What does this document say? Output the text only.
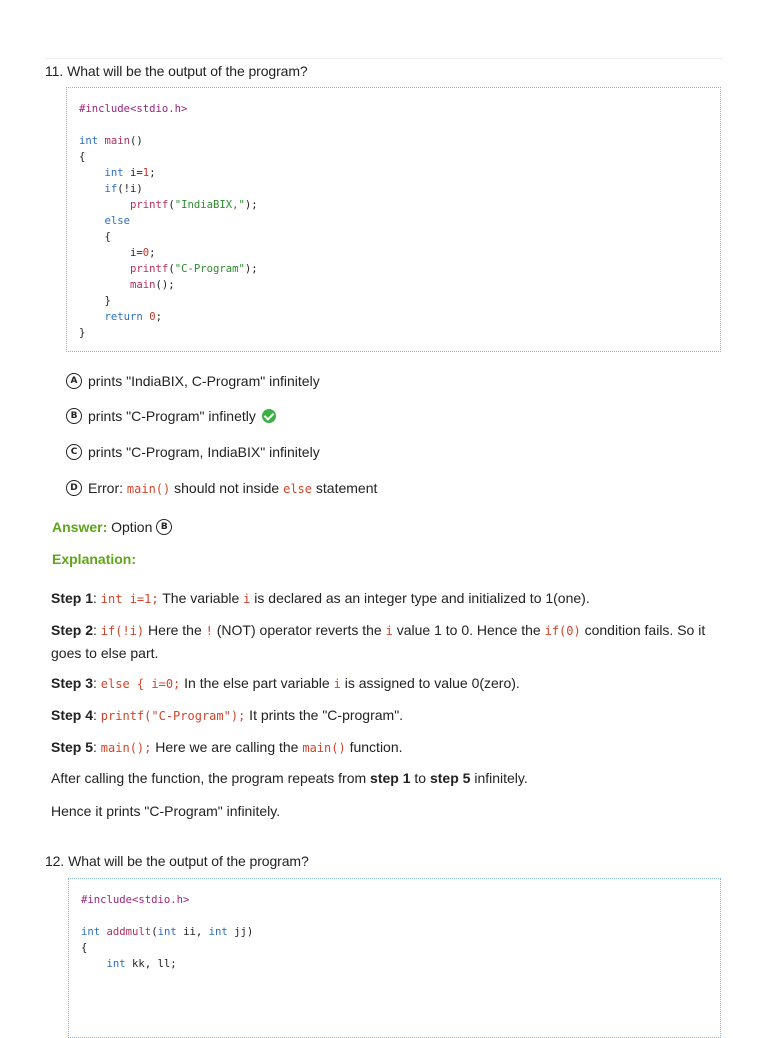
11. What will be the output of the program?
#include<stdio.h>
int main()
{
int i=1;
if(!i)
printf("IndiaBIX,");
else
{
i=0;
printf("C-Program");
main();
}
return 0;
}
A prints "IndiaBIX, C-Program" infinitely
B prints "C-Program" infinetly
C prints "C-Program, IndiaBIX" infinitely
D Error: main() should not inside else statement
Answer:
Option
B
Explanation:
Step 1: int i=1; The variable i is declared as an integer type and initialized to 1(one).
Step 2: if(!i) Here the ! (NOT) operator reverts the i value 1 to 0. Hence the if(0) condition fails. So it goes to else part.
Step 3: else { i=0; In the else part variable i is assigned to value 0(zero).
Step 4: printf("C-Program"); It prints the "C-program".
Step 5: main(); Here we are calling the main() function.
After calling the function, the program repeats from step 1 to step 5 infinitely.
Hence it prints "C-Program" infinitely.
12. What will be the output of the program?
#include<stdio.h>
int addmult(int ii, int jj)
{
int kk, ll;
